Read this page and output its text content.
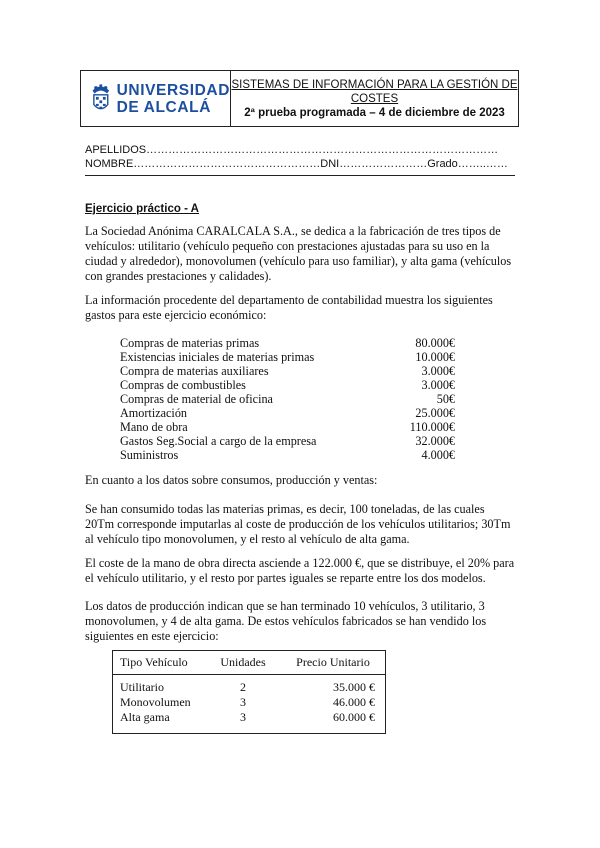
UNIVERSIDAD
DE ALCALÁ
SISTEMAS DE INFORMACIÓN PARA LA GESTIÓN DE
COSTES
2ª prueba programada – 4 de diciembre de 2023
APELLIDOS……………………………………………………………………………………
NOMBRE……………………………………………DNI……………………Grado……..……
Ejercicio práctico - A

La Sociedad Anónima CARALCALA S.A., se dedica a la fabricación de tres tipos de vehículos: utilitario (vehículo pequeño con prestaciones ajustadas para su uso en la ciudad y alrededor), monovolumen (vehículo para uso familiar), y alta gama (vehículos con grandes prestaciones y calidades).

La información procedente del departamento de contabilidad muestra los siguientes gastos para este ejercicio económico:

Compras de materias primas	80.000€
Existencias iniciales de materias primas	10.000€
Compra de materias auxiliares	3.000€
Compras de combustibles	3.000€
Compras de material de oficina	50€
Amortización	25.000€
Mano de obra	110.000€
Gastos Seg.Social a cargo de la empresa	32.000€
Suministros	4.000€

En cuanto a los datos sobre consumos, producción y ventas:

Se han consumido todas las materias primas, es decir, 100 toneladas, de las cuales 20Tm corresponde imputarlas al coste de producción de los vehículos utilitarios; 30Tm al vehículo tipo monovolumen, y el resto al vehículo de alta gama.

El coste de la mano de obra directa asciende a 122.000 €, que se distribuye, el 20% para el vehículo utilitario, y el resto por partes iguales se reparte entre los dos modelos.

Los datos de producción indican que se han terminado 10 vehículos, 3 utilitario, 3 monovolumen, y 4 de alta gama. De estos vehículos fabricados se han vendido los siguientes en este ejercicio:

Tipo Vehículo	Unidades	Precio Unitario
Utilitario	2	35.000 €
Monovolumen	3	46.000 €
Alta gama	3	60.000 €
